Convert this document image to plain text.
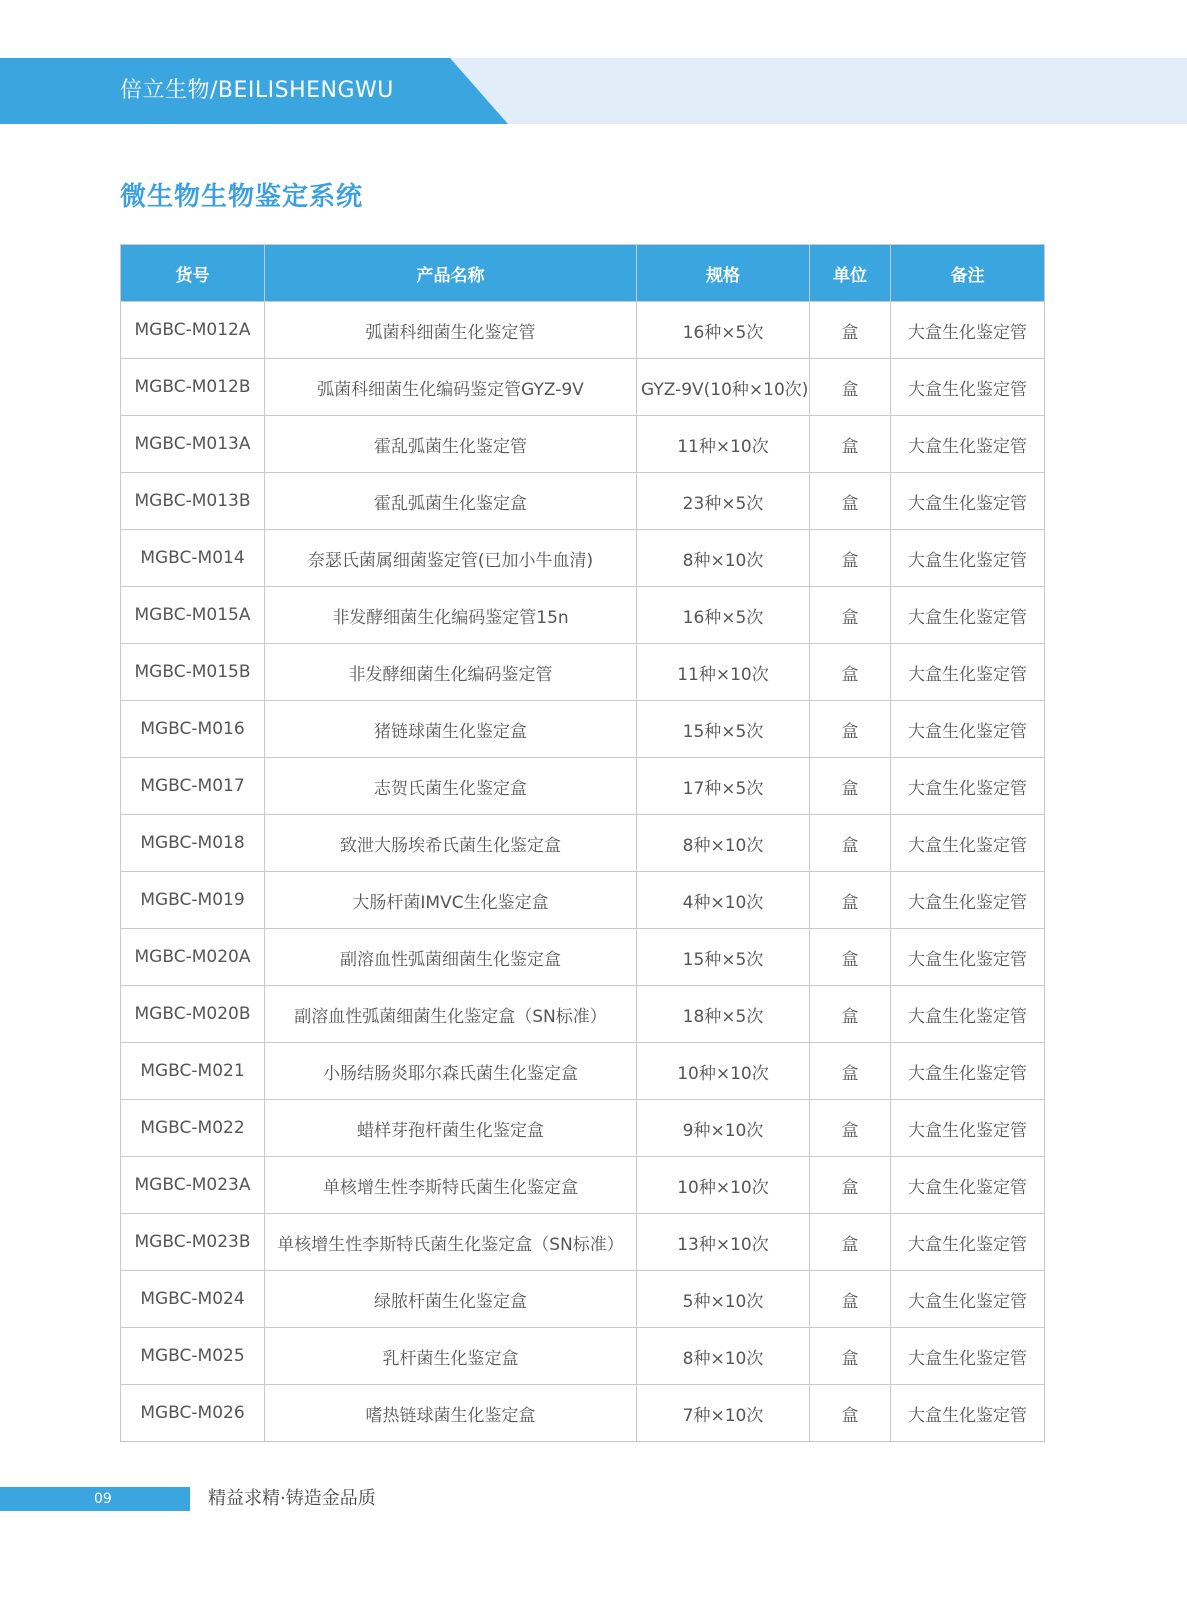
倍立生物/BEILISHENGWU
微生物生物鉴定系统
货号	产品名称	规格	单位	备注
MGBC-M012A	弧菌科细菌生化鉴定管	16种×5次	盒	大盒生化鉴定管
MGBC-M012B	弧菌科细菌生化编码鉴定管GYZ-9V	GYZ-9V(10种×10次)	盒	大盒生化鉴定管
MGBC-M013A	霍乱弧菌生化鉴定管	11种×10次	盒	大盒生化鉴定管
MGBC-M013B	霍乱弧菌生化鉴定盒	23种×5次	盒	大盒生化鉴定管
MGBC-M014	奈瑟氏菌属细菌鉴定管(已加小牛血清)	8种×10次	盒	大盒生化鉴定管
MGBC-M015A	非发酵细菌生化编码鉴定管15n	16种×5次	盒	大盒生化鉴定管
MGBC-M015B	非发酵细菌生化编码鉴定管	11种×10次	盒	大盒生化鉴定管
MGBC-M016	猪链球菌生化鉴定盒	15种×5次	盒	大盒生化鉴定管
MGBC-M017	志贺氏菌生化鉴定盒	17种×5次	盒	大盒生化鉴定管
MGBC-M018	致泄大肠埃希氏菌生化鉴定盒	8种×10次	盒	大盒生化鉴定管
MGBC-M019	大肠杆菌IMVC生化鉴定盒	4种×10次	盒	大盒生化鉴定管
MGBC-M020A	副溶血性弧菌细菌生化鉴定盒	15种×5次	盒	大盒生化鉴定管
MGBC-M020B	副溶血性弧菌细菌生化鉴定盒（SN标准）	18种×5次	盒	大盒生化鉴定管
MGBC-M021	小肠结肠炎耶尔森氏菌生化鉴定盒	10种×10次	盒	大盒生化鉴定管
MGBC-M022	蜡样芽孢杆菌生化鉴定盒	9种×10次	盒	大盒生化鉴定管
MGBC-M023A	单核增生性李斯特氏菌生化鉴定盒	10种×10次	盒	大盒生化鉴定管
MGBC-M023B	单核增生性李斯特氏菌生化鉴定盒（SN标准）	13种×10次	盒	大盒生化鉴定管
MGBC-M024	绿脓杆菌生化鉴定盒	5种×10次	盒	大盒生化鉴定管
MGBC-M025	乳杆菌生化鉴定盒	8种×10次	盒	大盒生化鉴定管
MGBC-M026	嗜热链球菌生化鉴定盒	7种×10次	盒	大盒生化鉴定管
09	精益求精·铸造金品质
